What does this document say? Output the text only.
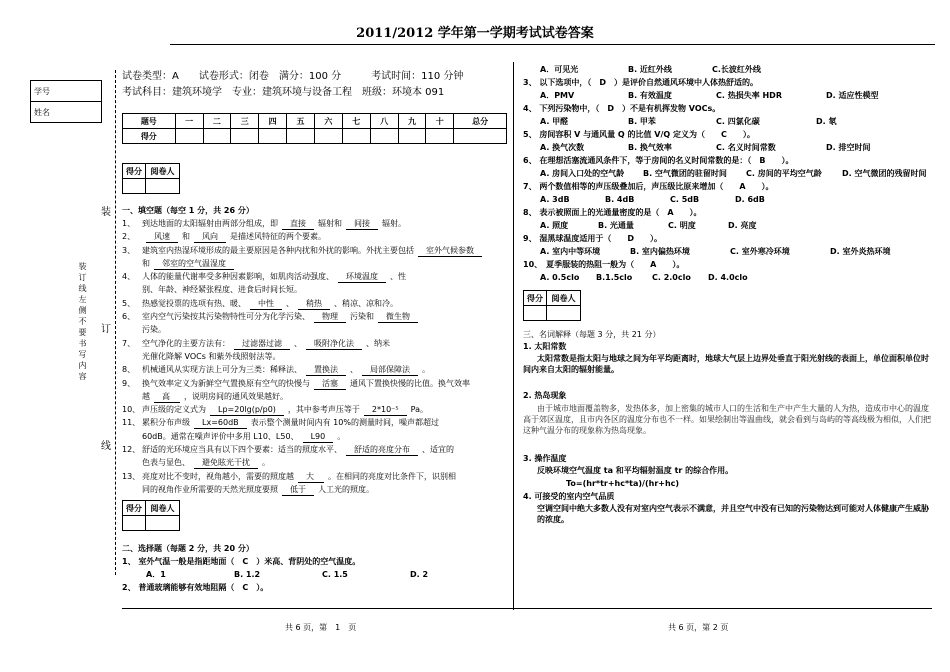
2011/2012 学年第一学期考试试卷答案
学号
姓名
装
订
线
装订线左侧不要书写内容
试卷类型：A　　试卷形式：闭卷　满分：100 分　　　考试时间：110 分钟
考试科目：建筑环境学　专业：建筑环境与设备工程　班级：环境本 091
题号	一	二	三	四	五	六	七	八	九	十	总分
得分											
得分	阅卷人

一、填空题（每空 1 分，共 26 分）
1、 到达地面的太阳辐射由两部分组成，即 直接 辐射和 间接 辐射。
2、 风速 和 风向 是描述风特征的两个要素。
3、 建筑室内热湿环境形成的最主要原因是各种内扰和外扰的影响。外扰主要包括 室外气候参数
和 邻室的空气温湿度
4、 人体的能量代谢率受多种因素影响，如肌肉活动强度、 环境温度 、性
别、年龄、神经紧张程度、进食后时间长短。
5、 热感觉投票的选项有热、暖、 中性 、 稍热 、稍凉、凉和冷。
6、 室内空气污染按其污染物特性可分为化学污染、 物理 污染和 微生物
污染。
7、 空气净化的主要方法有： 过滤器过滤 、 吸附净化法 、纳米
光催化降解 VOCs 和紫外线照射法等。
8、 机械通风从实现方法上可分为三类：稀释法、 置换法 、 局部保障法 。
9、 换气效率定义为新鲜空气置换原有空气的快慢与 活塞 通风下置换快慢的比值。换气效率
越 高 ，说明房间的通风效果越好。
10、 声压级的定义式为 Lp=20lg(p/p0) ，其中参考声压等于 2*10⁻⁵ Pa。
11、 累积分布声级 Lx=60dB 表示整个测量时间内有 10%的测量时间，噪声都超过
60dB。通常在噪声评价中多用 L10、L50、 L90 。
12、 舒适的光环境应当具有以下四个要素：适当的照度水平、 舒适的亮度分布 、适宜的
色表与显色、 避免眩光干扰 。
13、 亮度对比不变时，视角越小，需要的照度越 大 。在相同的亮度对比条件下，识别相
同的视角作业所需要的天然光照度要照 低于 人工光的照度。
得分	阅卷人

二、选择题（每题 2 分，共 20 分）
1、 室外气温一般是指距地面（　C　）米高、背阴处的空气温度。
A．1	B. 1.2	C. 1.5	D. 2
2、 普通玻璃能够有效地阻隔（　C　）。
A．可见光	B. 近红外线	C.长波红外线
3、 以下选项中，（　D　）是评价自然通风环境中人体热舒适的。
A．PMV	B. 有效温度	C. 热损失率 HDR	D. 适应性模型
4、 下列污染物中，（　D　）不是有机挥发物 VOCs。
A. 甲醛	B. 甲苯	C. 四氯化碳	D. 氡
5、 房间容积 V 与通风量 Q 的比值 V/Q 定义为（　　C　　）。
A. 换气次数	B. 换气效率	C. 名义时间常数	D. 排空时间
6、 在理想活塞流通风条件下，等于房间的名义时间常数的是：（　B　　）。
A. 房间入口处的空气龄	B. 空气微团的驻留时间	C. 房间的平均空气龄	D. 空气微团的残留时间
7、 两个数值相等的声压级叠加后，声压级比原来增加（　　A　　）。
A. 3dB	B. 4dB	C. 5dB	D. 6dB
8、 表示被照面上的光通量密度的是（　A　　）。
A. 照度	B. 光通量	C. 明度	D. 亮度
9、 湿黑球温度适用于（　　D　　）。
A. 室内中等环境	B. 室内偏热环境	C. 室外寒冷环境	D. 室外炎热环境
10、　夏季服装的热阻一般为（　　A　　）。
A. 0.5clo	B.1.5clo	C. 2.0clo	D. 4.0clo
得分	阅卷人

三、名词解释（每题 3 分，共 21 分）
1. 太阳常数
太阳常数是指太阳与地球之间为年平均距离时，地球大气层上边界处垂直于阳光射线的表面上，单位面积单位时间内来自太阳的辐射能量。
2. 热岛现象
由于城市地面覆盖物多，发热体多，加上密集的城市人口的生活和生产中产生大量的人为热，造成市中心的温度高于郊区温度，且市内各区的温度分布也不一样。如果绘制出等温曲线，就会看到与岛屿的等高线极为相似，人们把这种气温分布的现象称为热岛现象。
3. 操作温度
反映环境空气温度 ta 和平均辐射温度 tr 的综合作用。
To=(hr*tr+hc*ta)/(hr+hc)
4. 可接受的室内空气品质
空调空间中绝大多数人没有对室内空气表示不满意，并且空气中没有已知的污染物达到可能对人体健康产生威胁的浓度。
共 6 页，第　1　页	共 6 页，第 2 页
